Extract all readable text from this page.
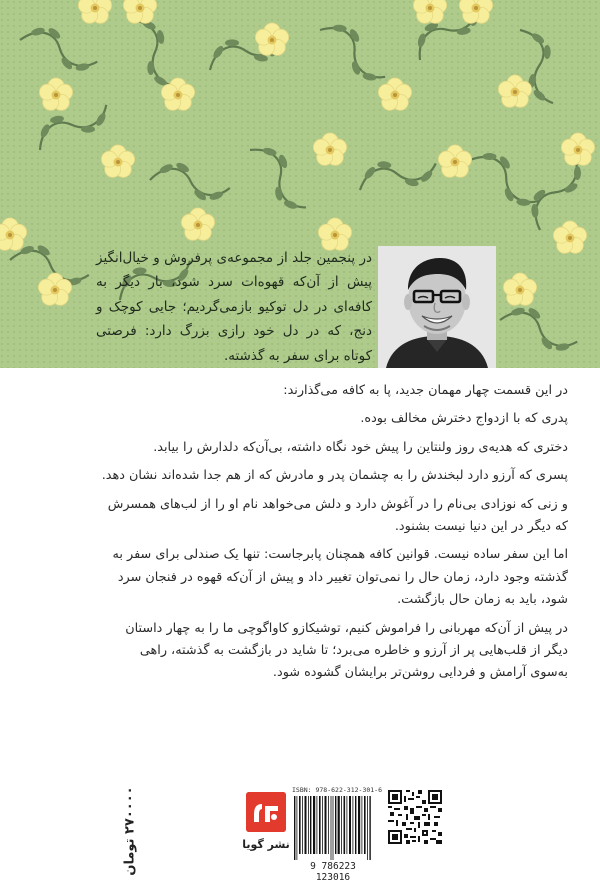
در پنجمین جلد از مجموعه‌ی پرفروش و خیال‌انگیز پیش از آن‌که قهوه‌ات سرد شود، بار دیگر به کافه‌ای در دل توکیو بازمی‌گردیم؛ جایی کوچک و دنج، که در دل خود رازی بزرگ دارد: فرصتی کوتاه برای سفر به گذشته.

در این قسمت چهار مهمان جدید، پا به کافه می‌گذارند:

پدری که با ازدواج دخترش مخالف بوده.

دختری که هدیه‌ی روز ولنتاین را پیش خود نگاه داشته، بی‌آن‌که دلدارش را بیابد.

پسری که آرزو دارد لبخندش را به چشمان پدر و مادرش که از هم جدا شده‌اند نشان دهد.

و زنی که نوزادی بی‌نام را در آغوش دارد و دلش می‌خواهد نام او را از لب‌های همسرش که دیگر در این دنیا نیست بشنود.

اما این سفر ساده نیست. قوانین کافه همچنان پابرجاست: تنها یک صندلی برای سفر به گذشته وجود دارد، زمان حال را نمی‌توان تغییر داد و پیش از آن‌که قهوه در فنجان سرد شود، باید به زمان حال بازگشت.

در پیش از آن‌که مهربانی را فراموش کنیم، توشیکازو کاواگوچی ما را به چهار داستان دیگر از قلب‌هایی پر از آرزو و خاطره می‌برد؛ تا شاید در بازگشت به گذشته، راهی به‌سوی آرامش و فردایی روشن‌تر برایشان گشوده شود.

۲۷۰۰۰۰ تومان
نشر گویا
ISBN: 978-622-312-301-6
9 786223 123016
